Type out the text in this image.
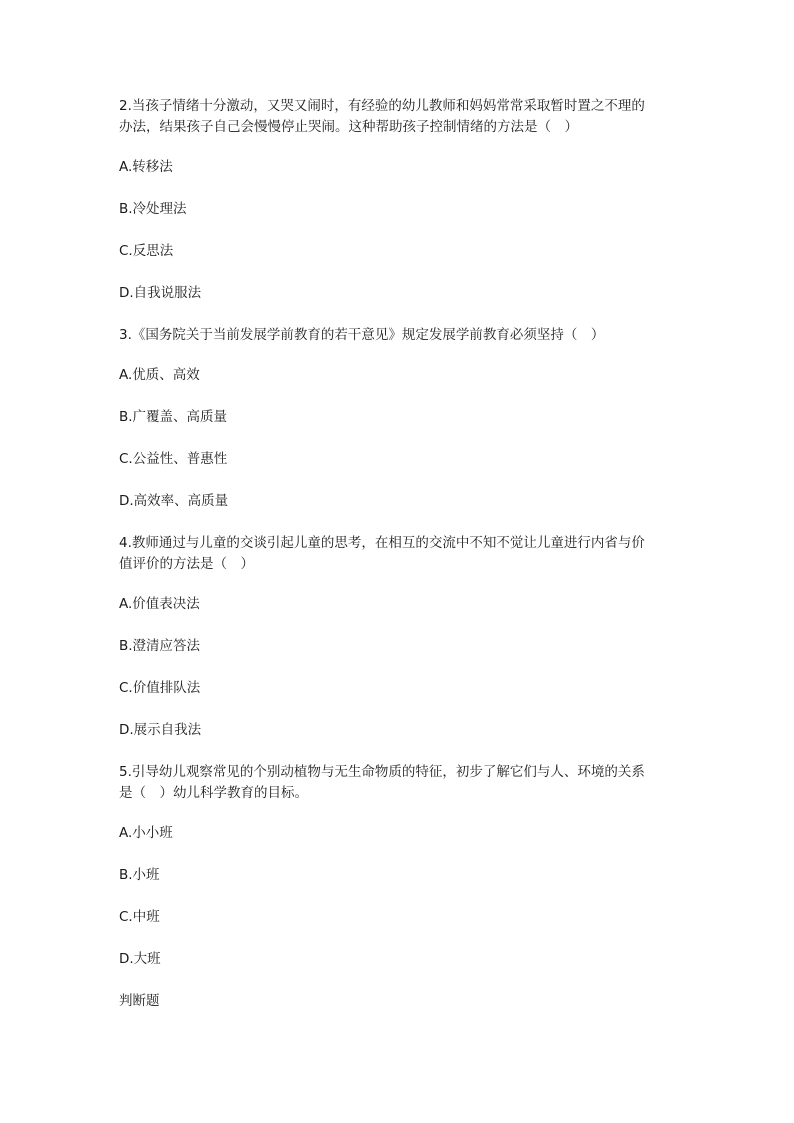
2.当孩子情绪十分激动，又哭又闹时，有经验的幼儿教师和妈妈常常采取暂时置之不理的

办法，结果孩子自己会慢慢停止哭闹。这种帮助孩子控制情绪的方法是（　）

A.转移法

B.冷处理法

C.反思法

D.自我说服法

3.《国务院关于当前发展学前教育的若干意见》规定发展学前教育必须坚持（　）

A.优质、高效

B.广覆盖、高质量

C.公益性、普惠性

D.高效率、高质量

4.教师通过与儿童的交谈引起儿童的思考，在相互的交流中不知不觉让儿童进行内省与价

值评价的方法是（　）

A.价值表决法

B.澄清应答法

C.价值排队法

D.展示自我法

5.引导幼儿观察常见的个别动植物与无生命物质的特征，初步了解它们与人、环境的关系

是（　）幼儿科学教育的目标。

A.小小班

B.小班

C.中班

D.大班

判断题
